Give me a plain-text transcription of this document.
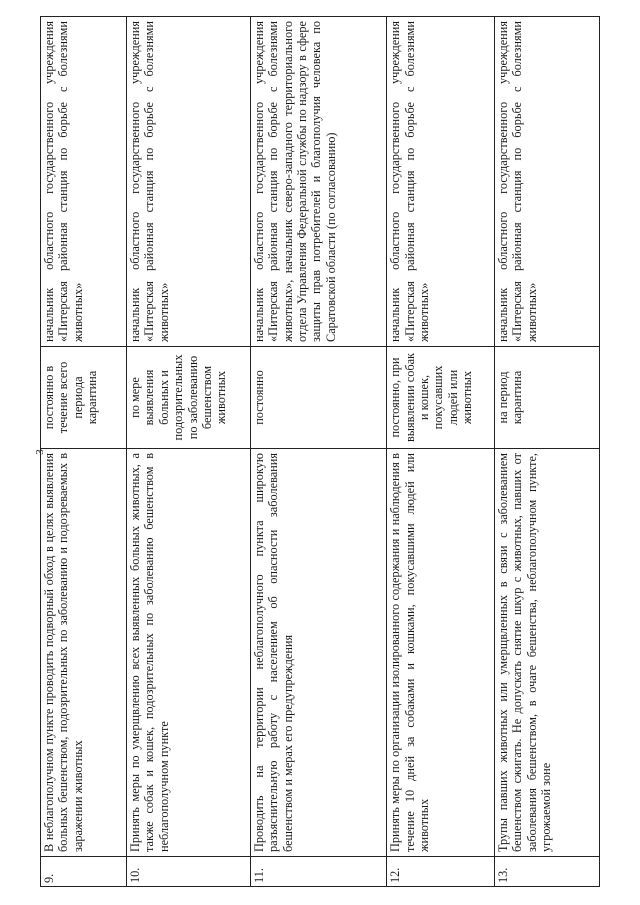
3
9.	В неблагополучном пункте проводить подворный обход в целях выявления больных бешенством, подозрительных по заболеванию и подозреваемых в заражении животных	постоянно в течение всего периода карантина	начальник областного государственного учреждения «Питерская районная станция по борьбе с болезнями животных»
10.	Принять меры по умерщвлению всех выявленных больных животных, а также собак и кошек, подозрительных по заболеванию бешенством в неблагополучном пункте	по мере выявления больных и подозрительных по заболеванию бешенством животных	начальник областного государственного учреждения «Питерская районная станция по борьбе с болезнями животных»
11.	Проводить на территории неблагополучного пункта широкую разъяснительную работу с населением об опасности заболевания бешенством и мерах его предупреждения	постоянно	начальник областного государственного учреждения «Питерская районная станция по борьбе с болезнями животных», начальник северо-западного территориального отдела Управления Федеральной службы по надзору в сфере защиты прав потребителей и благополучия человека по Саратовской области (по согласованию)
12.	Принять меры по организации изолированного содержания и наблюдения в течение 10 дней за собаками и кошками, покусавшими людей или животных	постоянно, при выявлении собак и кошек, покусавших людей или животных	начальник областного государственного учреждения «Питерская районная станция по борьбе с болезнями животных»
13.	Трупы павших животных или умерщвленных в связи с заболеванием бешенством сжигать. Не допускать снятие шкур с животных, павших от заболевания бешенством, в очаге бешенства, неблагополучном пункте, угрожаемой зоне	на период карантина	начальник областного государственного учреждения «Питерская районная станция по борьбе с болезнями животных»
